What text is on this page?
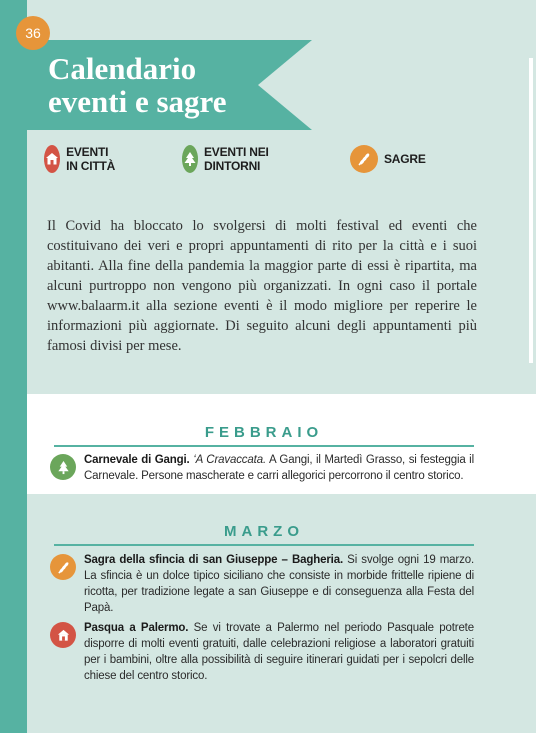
36
Calendario
eventi e sagre
EVENTI IN CITTÀ
EVENTI NEI DINTORNI	SAGRE

Il Covid ha bloccato lo svolgersi di molti festival ed eventi che costituivano dei veri e propri appuntamenti di rito per la città e i suoi abitanti. Alla fine della pandemia la maggior parte di essi è ripartita, ma alcuni purtroppo non vengono più organizzati. In ogni caso il portale www.balaarm.it alla sezione eventi è il modo migliore per reperire le informazioni più aggiornate. Di seguito alcuni degli appuntamenti più famosi divisi per mese.

FEBBRAIO
Carnevale di Gangi. ‘A Cravaccata. A Gangi, il Martedì Grasso, si festeggia il Carnevale. Persone mascherate e carri allegorici percorrono il centro storico.
MARZO
Sagra della sfincia di san Giuseppe – Bagheria. Si svolge ogni 19 marzo. La sfincia è un dolce tipico siciliano che consiste in morbide frittelle ripiene di ricotta, per tradizione legate a san Giuseppe e di conseguenza alla Festa del Papà.
Pasqua a Palermo. Se vi trovate a Palermo nel periodo Pasquale potrete disporre di molti eventi gratuiti, dalle celebrazioni religiose a laboratori gratuiti per i bambini, oltre alla possibilità di seguire itinerari guidati per i sepolcri delle chiese del centro storico.
